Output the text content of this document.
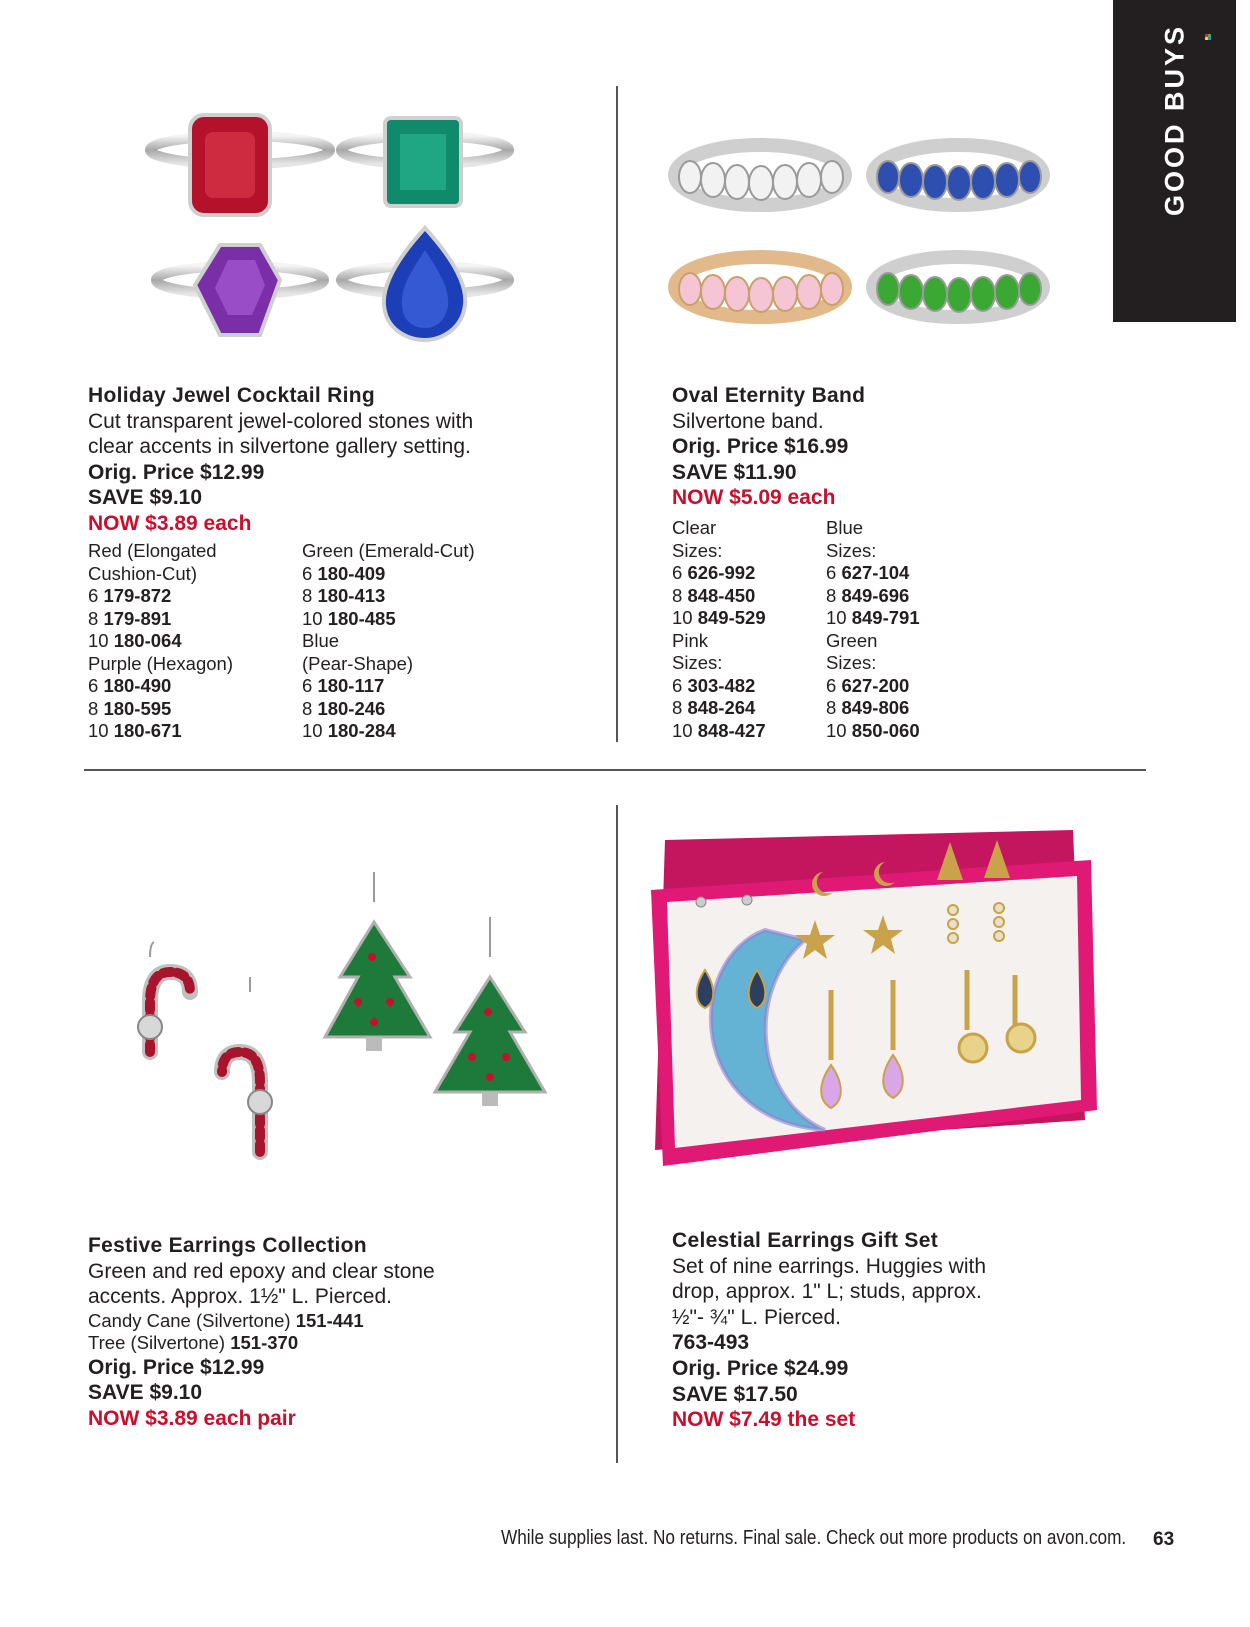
GOOD BUYS
Holiday Jewel Cocktail Ring
Cut transparent jewel-colored stones with
clear accents in silvertone gallery setting.
Orig. Price $12.99
SAVE $9.10
NOW $3.89 each
Red (Elongated
Cushion-Cut)
6 179-872
8 179-891
10 180-064
Purple (Hexagon)
6 180-490
8 180-595
10 180-671
Green (Emerald-Cut)
6 180-409
8 180-413
10 180-485
Blue
(Pear-Shape)
6 180-117
8 180-246
10 180-284
Oval Eternity Band
Silvertone band.
Orig. Price $16.99
SAVE $11.90
NOW $5.09 each
Clear
Sizes:
6 626-992
8 848-450
10 849-529
Pink
Sizes:
6 303-482
8 848-264
10 848-427
Blue
Sizes:
6 627-104
8 849-696
10 849-791
Green
Sizes:
6 627-200
8 849-806
10 850-060
Festive Earrings Collection
Green and red epoxy and clear stone
accents. Approx. 1½" L. Pierced.
Candy Cane (Silvertone) 151-441
Tree (Silvertone) 151-370
Orig. Price $12.99
SAVE $9.10
NOW $3.89 each pair
Celestial Earrings Gift Set
Set of nine earrings. Huggies with
drop, approx. 1" L; studs, approx.
½"- ¾" L. Pierced.
763-493
Orig. Price $24.99
SAVE $17.50
NOW $7.49 the set
While supplies last. No returns. Final sale. Check out more products on avon.com. 63
